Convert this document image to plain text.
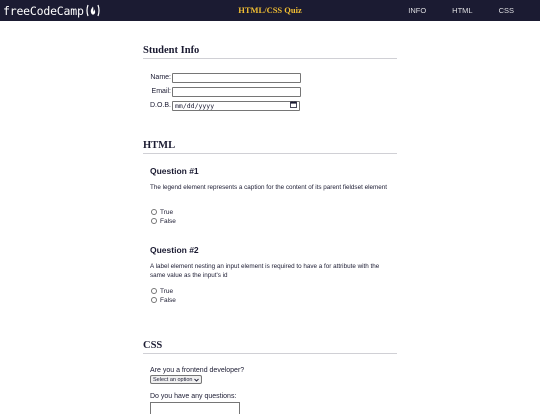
freeCodeCamp	HTML/CSS Quiz	INFO	HTML	CSS
Student Info
Name:
Email:
D.O.B. mm/dd/yyyy
HTML
Question #1
The legend element represents a caption for the content of its parent fieldset element
True
False
Question #2
A label element nesting an input element is required to have a for attribute with the same value as the input's id
True
False
CSS
Are you a frontend developer?
Select an option
Do you have any questions:
